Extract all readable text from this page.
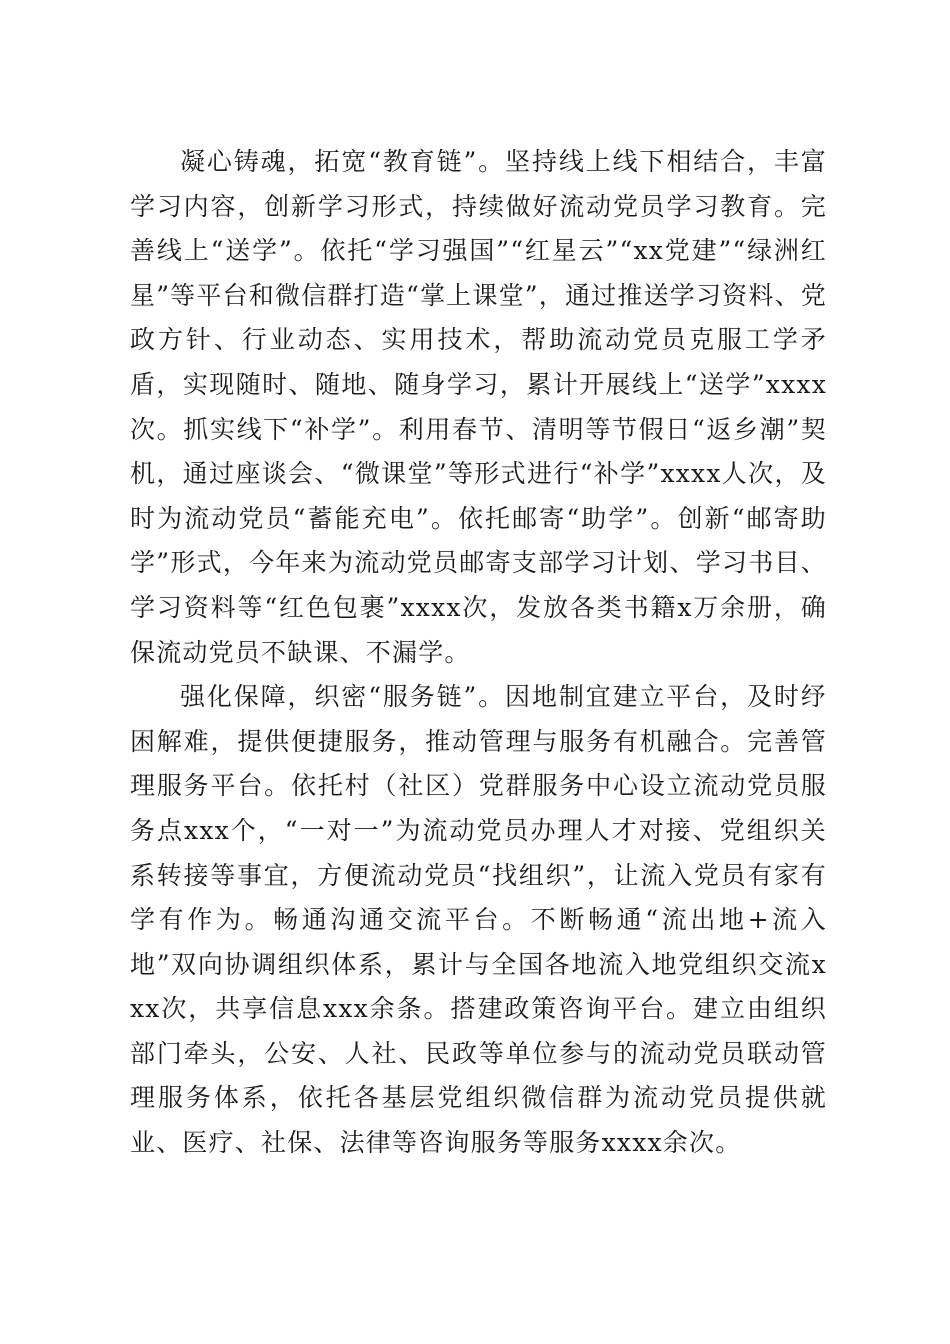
凝心铸魂，拓宽“教育链”。坚持线上线下相结合，丰富学习内容，创新学习形式，持续做好流动党员学习教育。完善线上“送学”。依托“学习强国”“红星云”“xx党建”“绿洲红星”等平台和微信群打造“掌上课堂”，通过推送学习资料、党政方针、行业动态、实用技术，帮助流动党员克服工学矛盾，实现随时、随地、随身学习，累计开展线上“送学”xxxx次。抓实线下“补学”。利用春节、清明等节假日“返乡潮”契机，通过座谈会、“微课堂”等形式进行“补学”xxxx人次，及时为流动党员“蓄能充电”。依托邮寄“助学”。创新“邮寄助学”形式，今年来为流动党员邮寄支部学习计划、学习书目、学习资料等“红色包裹”xxxx次，发放各类书籍x万余册，确保流动党员不缺课、不漏学。

强化保障，织密“服务链”。因地制宜建立平台，及时纾困解难，提供便捷服务，推动管理与服务有机融合。完善管理服务平台。依托村（社区）党群服务中心设立流动党员服务点xxx个，“一对一”为流动党员办理人才对接、党组织关系转接等事宜，方便流动党员“找组织”，让流入党员有家有学有作为。畅通沟通交流平台。不断畅通“流出地+流入地”双向协调组织体系，累计与全国各地流入地党组织交流xxx次，共享信息xxx余条。搭建政策咨询平台。建立由组织部门牵头，公安、人社、民政等单位参与的流动党员联动管理服务体系，依托各基层党组织微信群为流动党员提供就业、医疗、社保、法律等咨询服务等服务xxxx余次。
